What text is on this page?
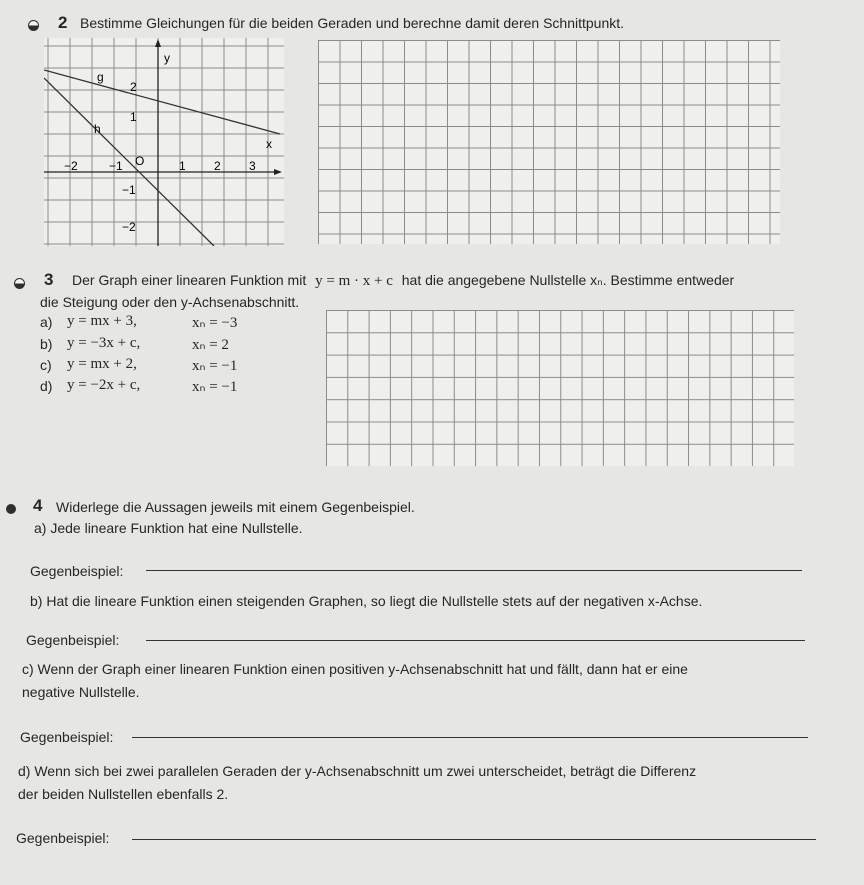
2 Bestimme Gleichungen für die beiden Geraden und berechne damit deren Schnittpunkt.
y
x
g
h
O
−2	−1	1 2 3
2
1
−1
−2
3 Der Graph einer linearen Funktion mit y = m · x + c hat die angegebene Nullstelle xₙ. Bestimme entweder
die Steigung oder den y-Achsenabschnitt.
a) y = mx + 3,	xₙ = −3
b) y = −3x + c,	xₙ = 2
c) y = mx + 2,	xₙ = −1
d) y = −2x + c,	xₙ = −1
4 Widerlege die Aussagen jeweils mit einem Gegenbeispiel.
a) Jede lineare Funktion hat eine Nullstelle.
Gegenbeispiel:
b) Hat die lineare Funktion einen steigenden Graphen, so liegt die Nullstelle stets auf der negativen x-Achse.
Gegenbeispiel:
c) Wenn der Graph einer linearen Funktion einen positiven y-Achsenabschnitt hat und fällt, dann hat er eine
negative Nullstelle.
Gegenbeispiel:
d) Wenn sich bei zwei parallelen Geraden der y-Achsenabschnitt um zwei unterscheidet, beträgt die Differenz
der beiden Nullstellen ebenfalls 2.
Gegenbeispiel:
